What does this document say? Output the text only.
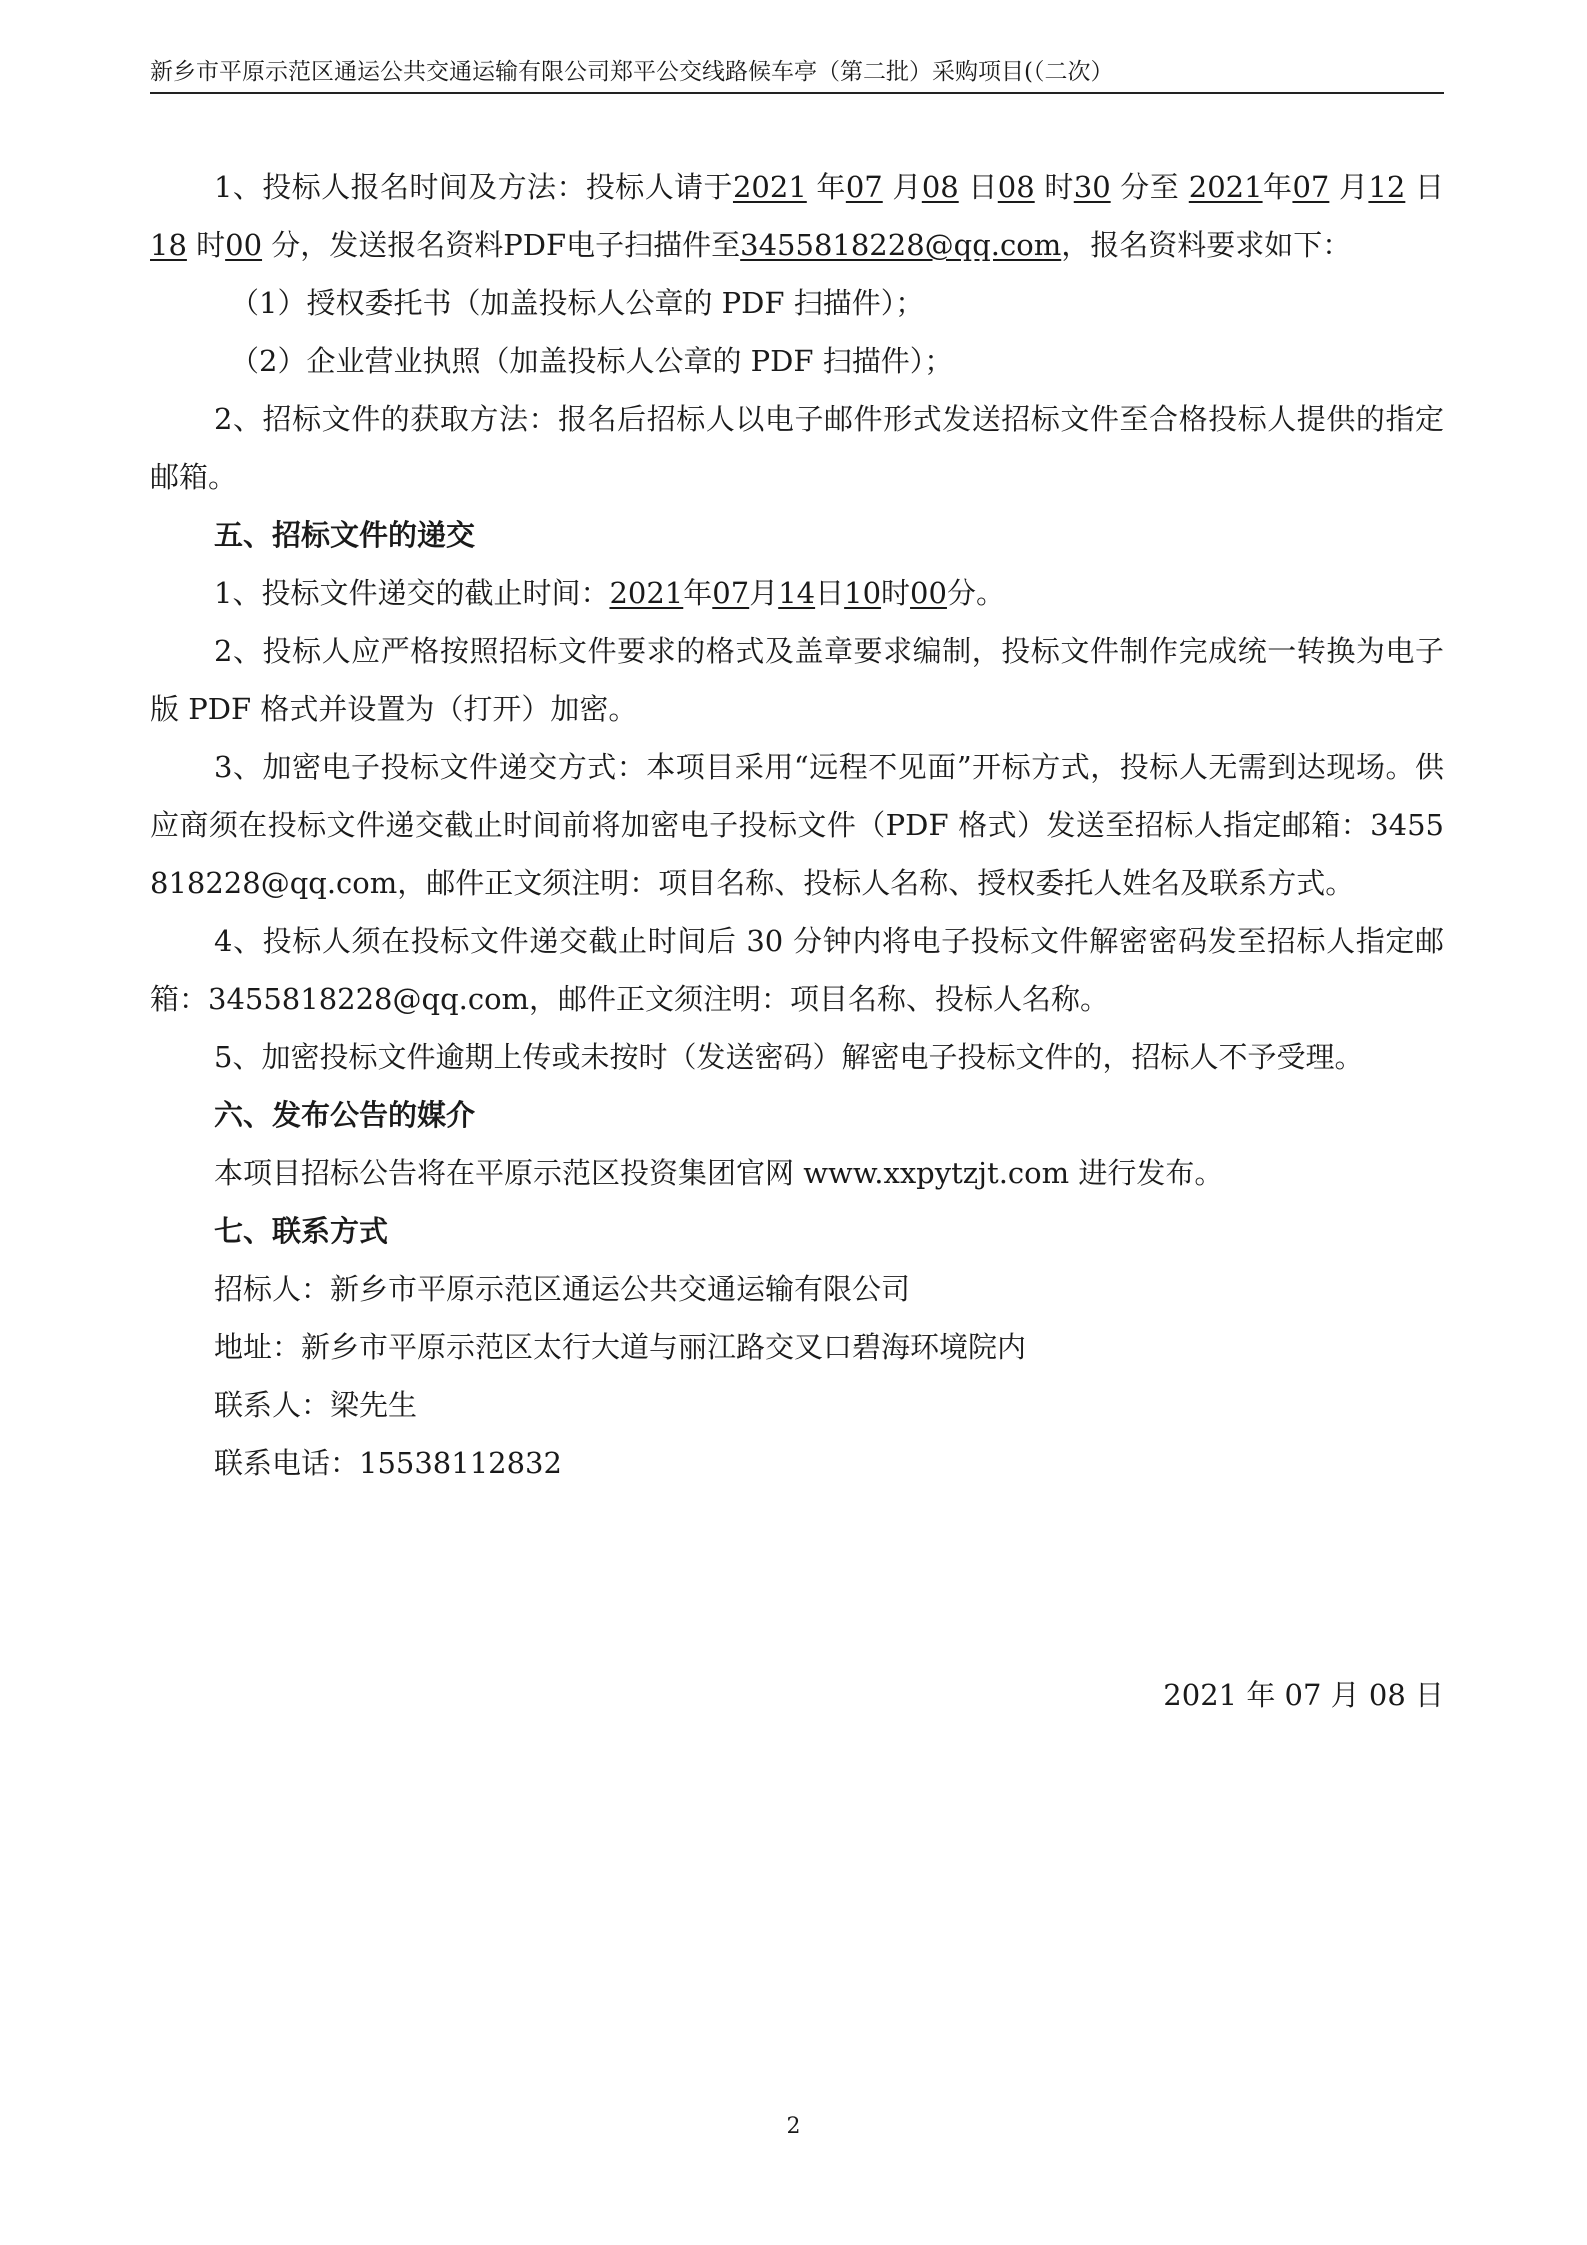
新乡市平原示范区通运公共交通运输有限公司郑平公交线路候车亭（第二批）采购项目(（二次）

1、投标人报名时间及方法：投标人请于2021 年07 月08 日08 时30 分至 2021年07 月12 日18 时00 分，发送报名资料PDF电子扫描件至3455818228@qq.com，报名资料要求如下：

（1）授权委托书（加盖投标人公章的 PDF 扫描件）；

（2）企业营业执照（加盖投标人公章的 PDF 扫描件）；

2、招标文件的获取方法：报名后招标人以电子邮件形式发送招标文件至合格投标人提供的指定邮箱。

五、招标文件的递交

1、投标文件递交的截止时间：2021年07月14日10时00分。

2、投标人应严格按照招标文件要求的格式及盖章要求编制，投标文件制作完成统一转换为电子版 PDF 格式并设置为（打开）加密。

3、加密电子投标文件递交方式：本项目采用“远程不见面”开标方式，投标人无需到达现场。供应商须在投标文件递交截止时间前将加密电子投标文件（PDF 格式）发送至招标人指定邮箱：3455818228@qq.com，邮件正文须注明：项目名称、投标人名称、授权委托人姓名及联系方式。

4、投标人须在投标文件递交截止时间后 30 分钟内将电子投标文件解密密码发至招标人指定邮箱：3455818228@qq.com，邮件正文须注明：项目名称、投标人名称。

5、加密投标文件逾期上传或未按时（发送密码）解密电子投标文件的，招标人不予受理。

六、发布公告的媒介

本项目招标公告将在平原示范区投资集团官网 www.xxpytzjt.com 进行发布。

七、联系方式

招标人：新乡市平原示范区通运公共交通运输有限公司

地址：新乡市平原示范区太行大道与丽江路交叉口碧海环境院内

联系人：梁先生

联系电话：15538112832

2021 年 07 月 08 日
2
